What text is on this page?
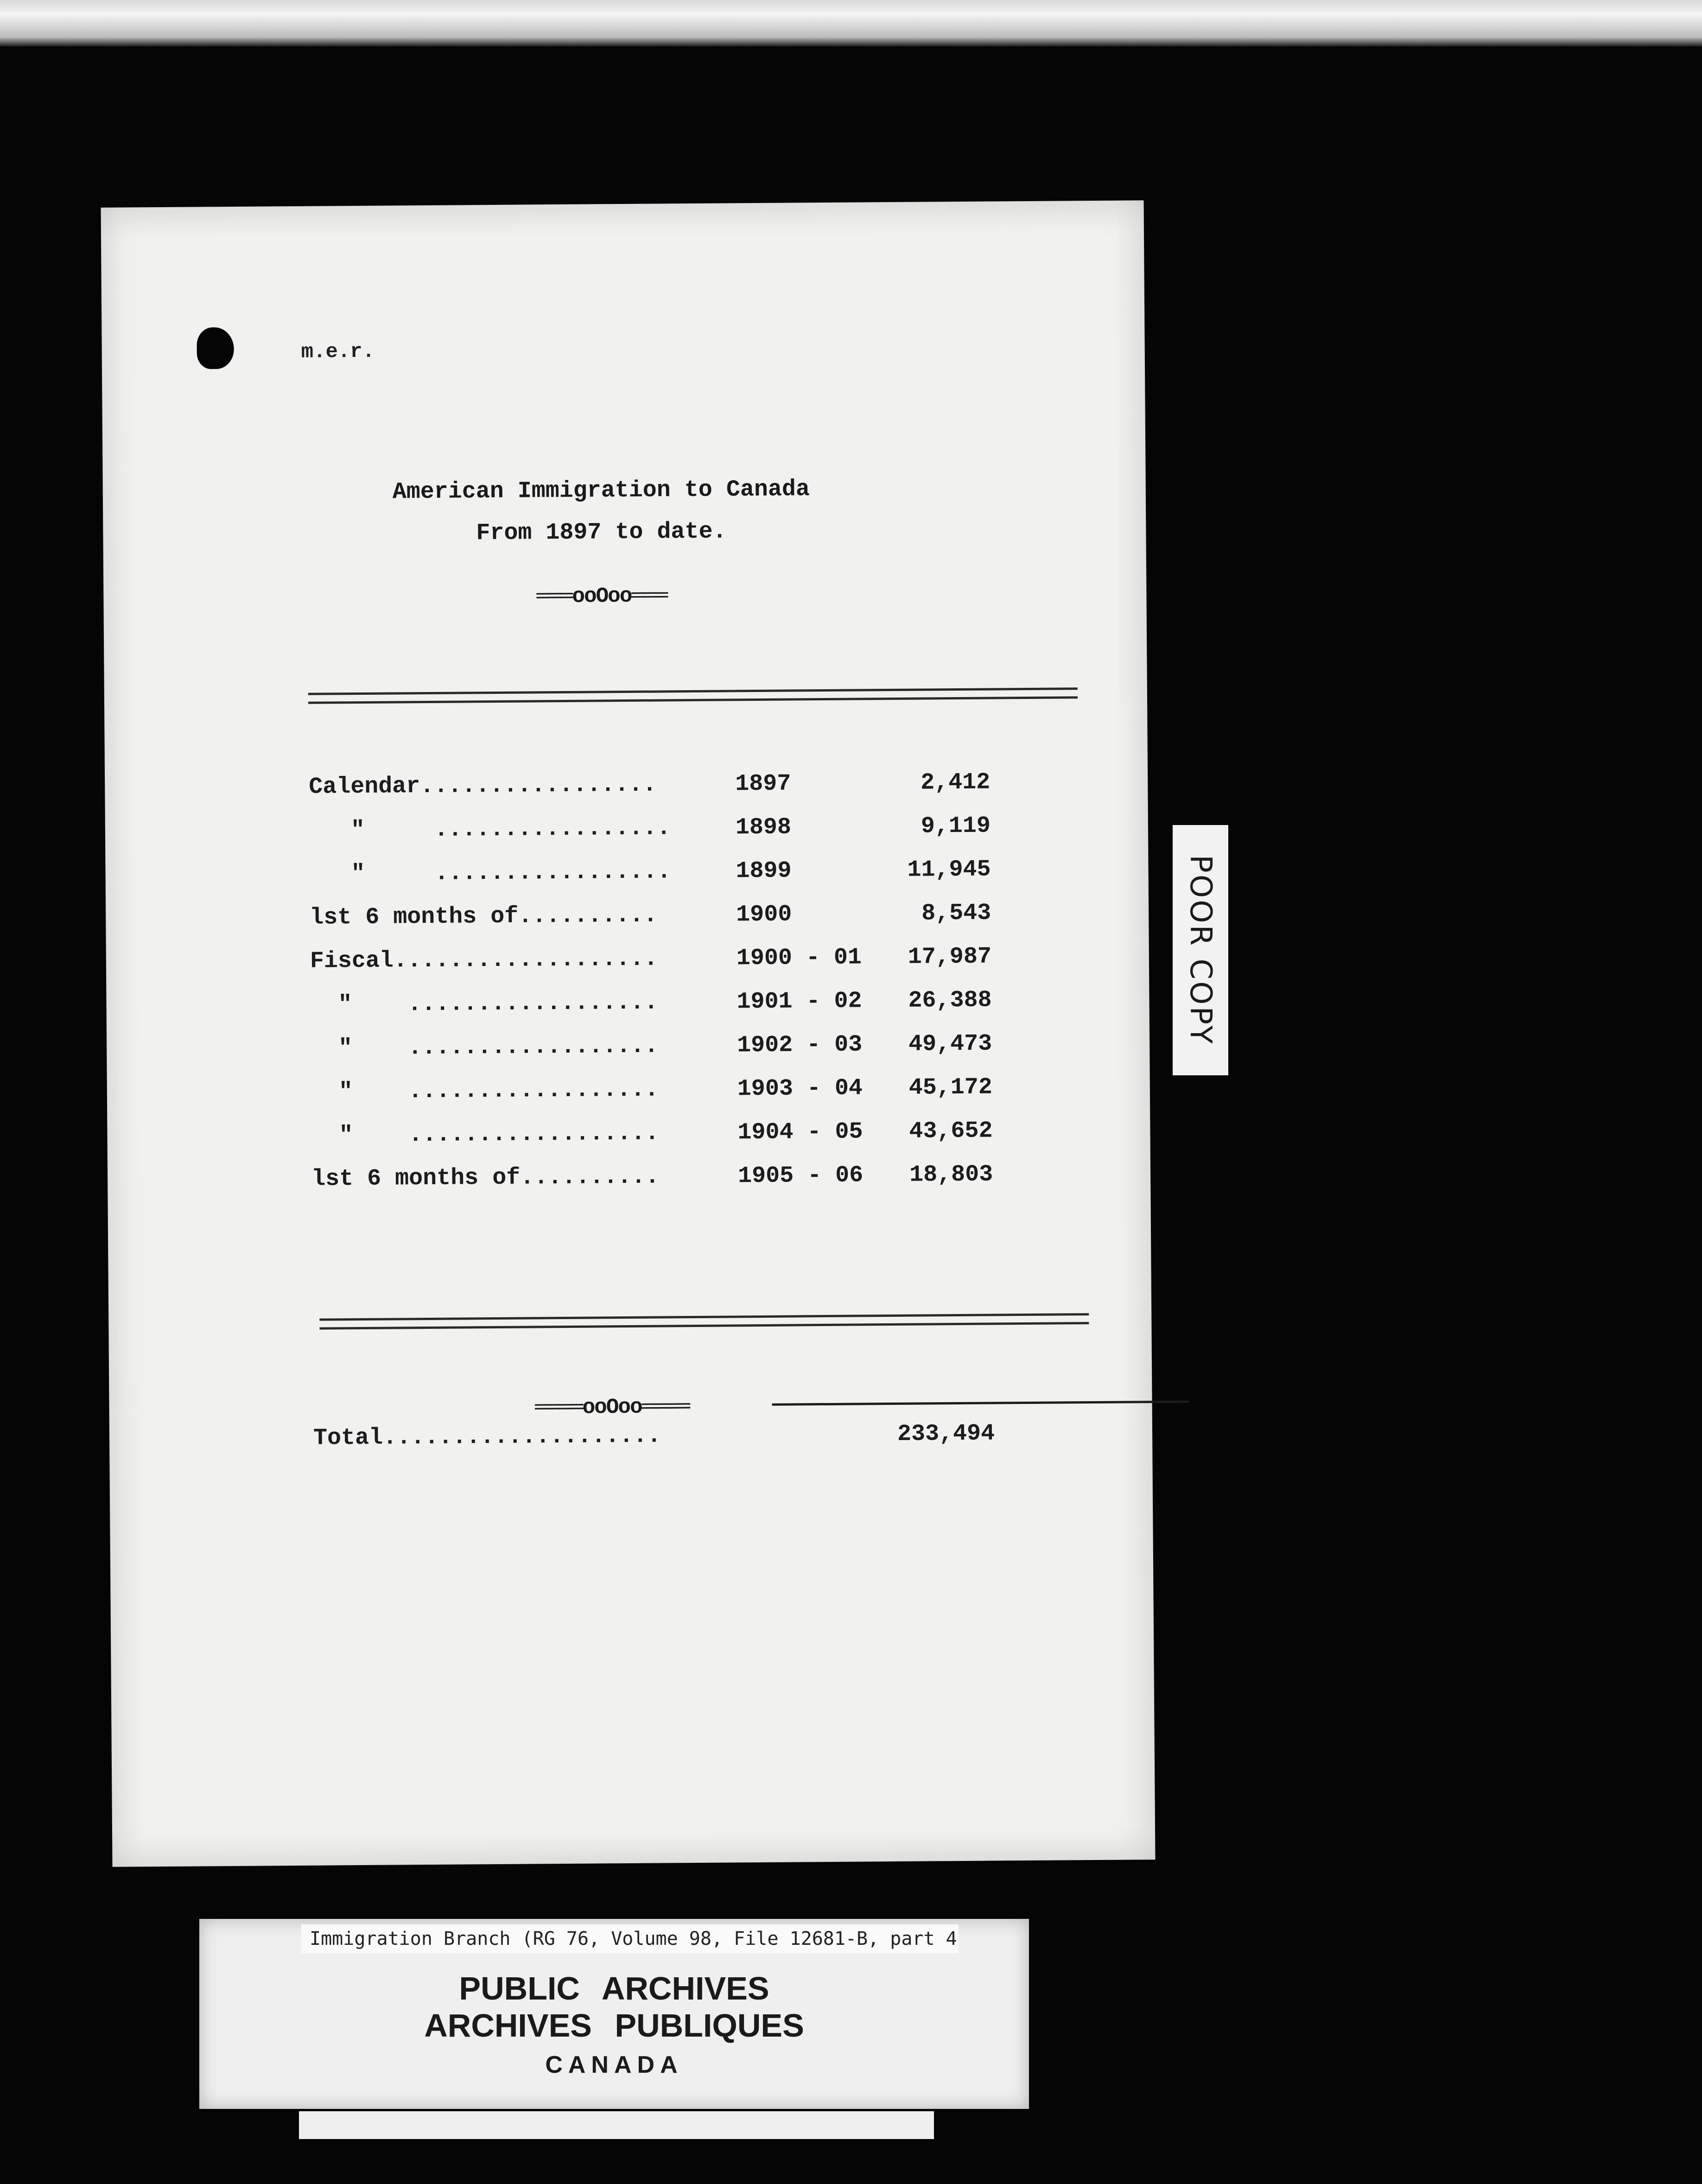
m.e.r.
American Immigration to Canada
From 1897 to date.
═══ooOoo═══
Calendar.................	1897	2,412
"     .................	1898	9,119
"     .................	1899	11,945
lst 6 months of..........	1900	8,543
Fiscal...................	1900 - 01 17,987
"    ..................	1901 - 02 26,388
"    ..................	1902 - 03 49,473
"    ..................	1903 - 04 45,172
"    ..................	1904 - 05 43,652
lst 6 months of..........	1905 - 06 18,803
Total....................	233,494
════ooOoo════
POOR COPY
Immigration Branch (RG 76, Volume 98, File 12681-B, part 4
PUBLIC ARCHIVES
ARCHIVES PUBLIQUES
CANADA
